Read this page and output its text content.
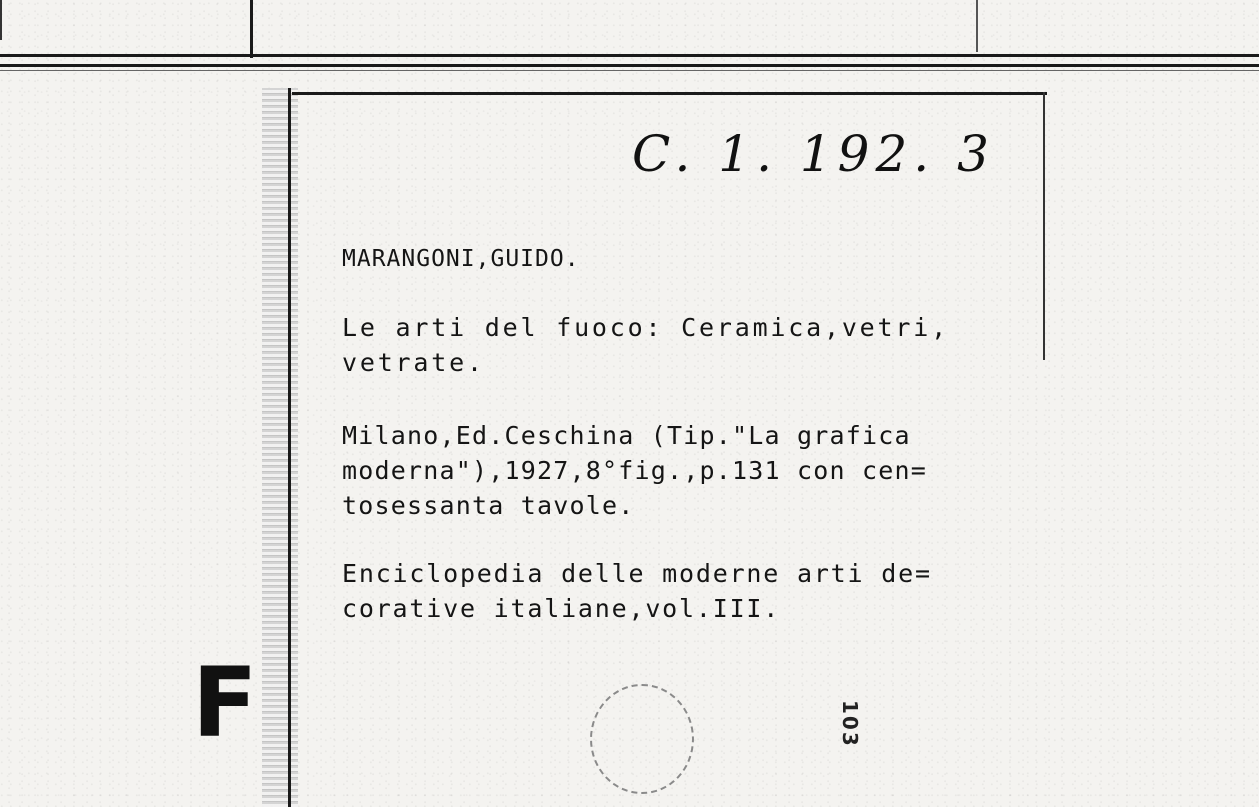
C. 1. 192. 3
MARANGONI,GUIDO.
Le arti del fuoco: Ceramica,vetri,
vetrate.
Milano,Ed.Ceschina (Tip."La grafica
moderna"),1927,8°fig.,p.131 con cen=
tosessanta tavole.
Enciclopedia delle moderne arti de=
corative italiane,vol.III.
F	103
